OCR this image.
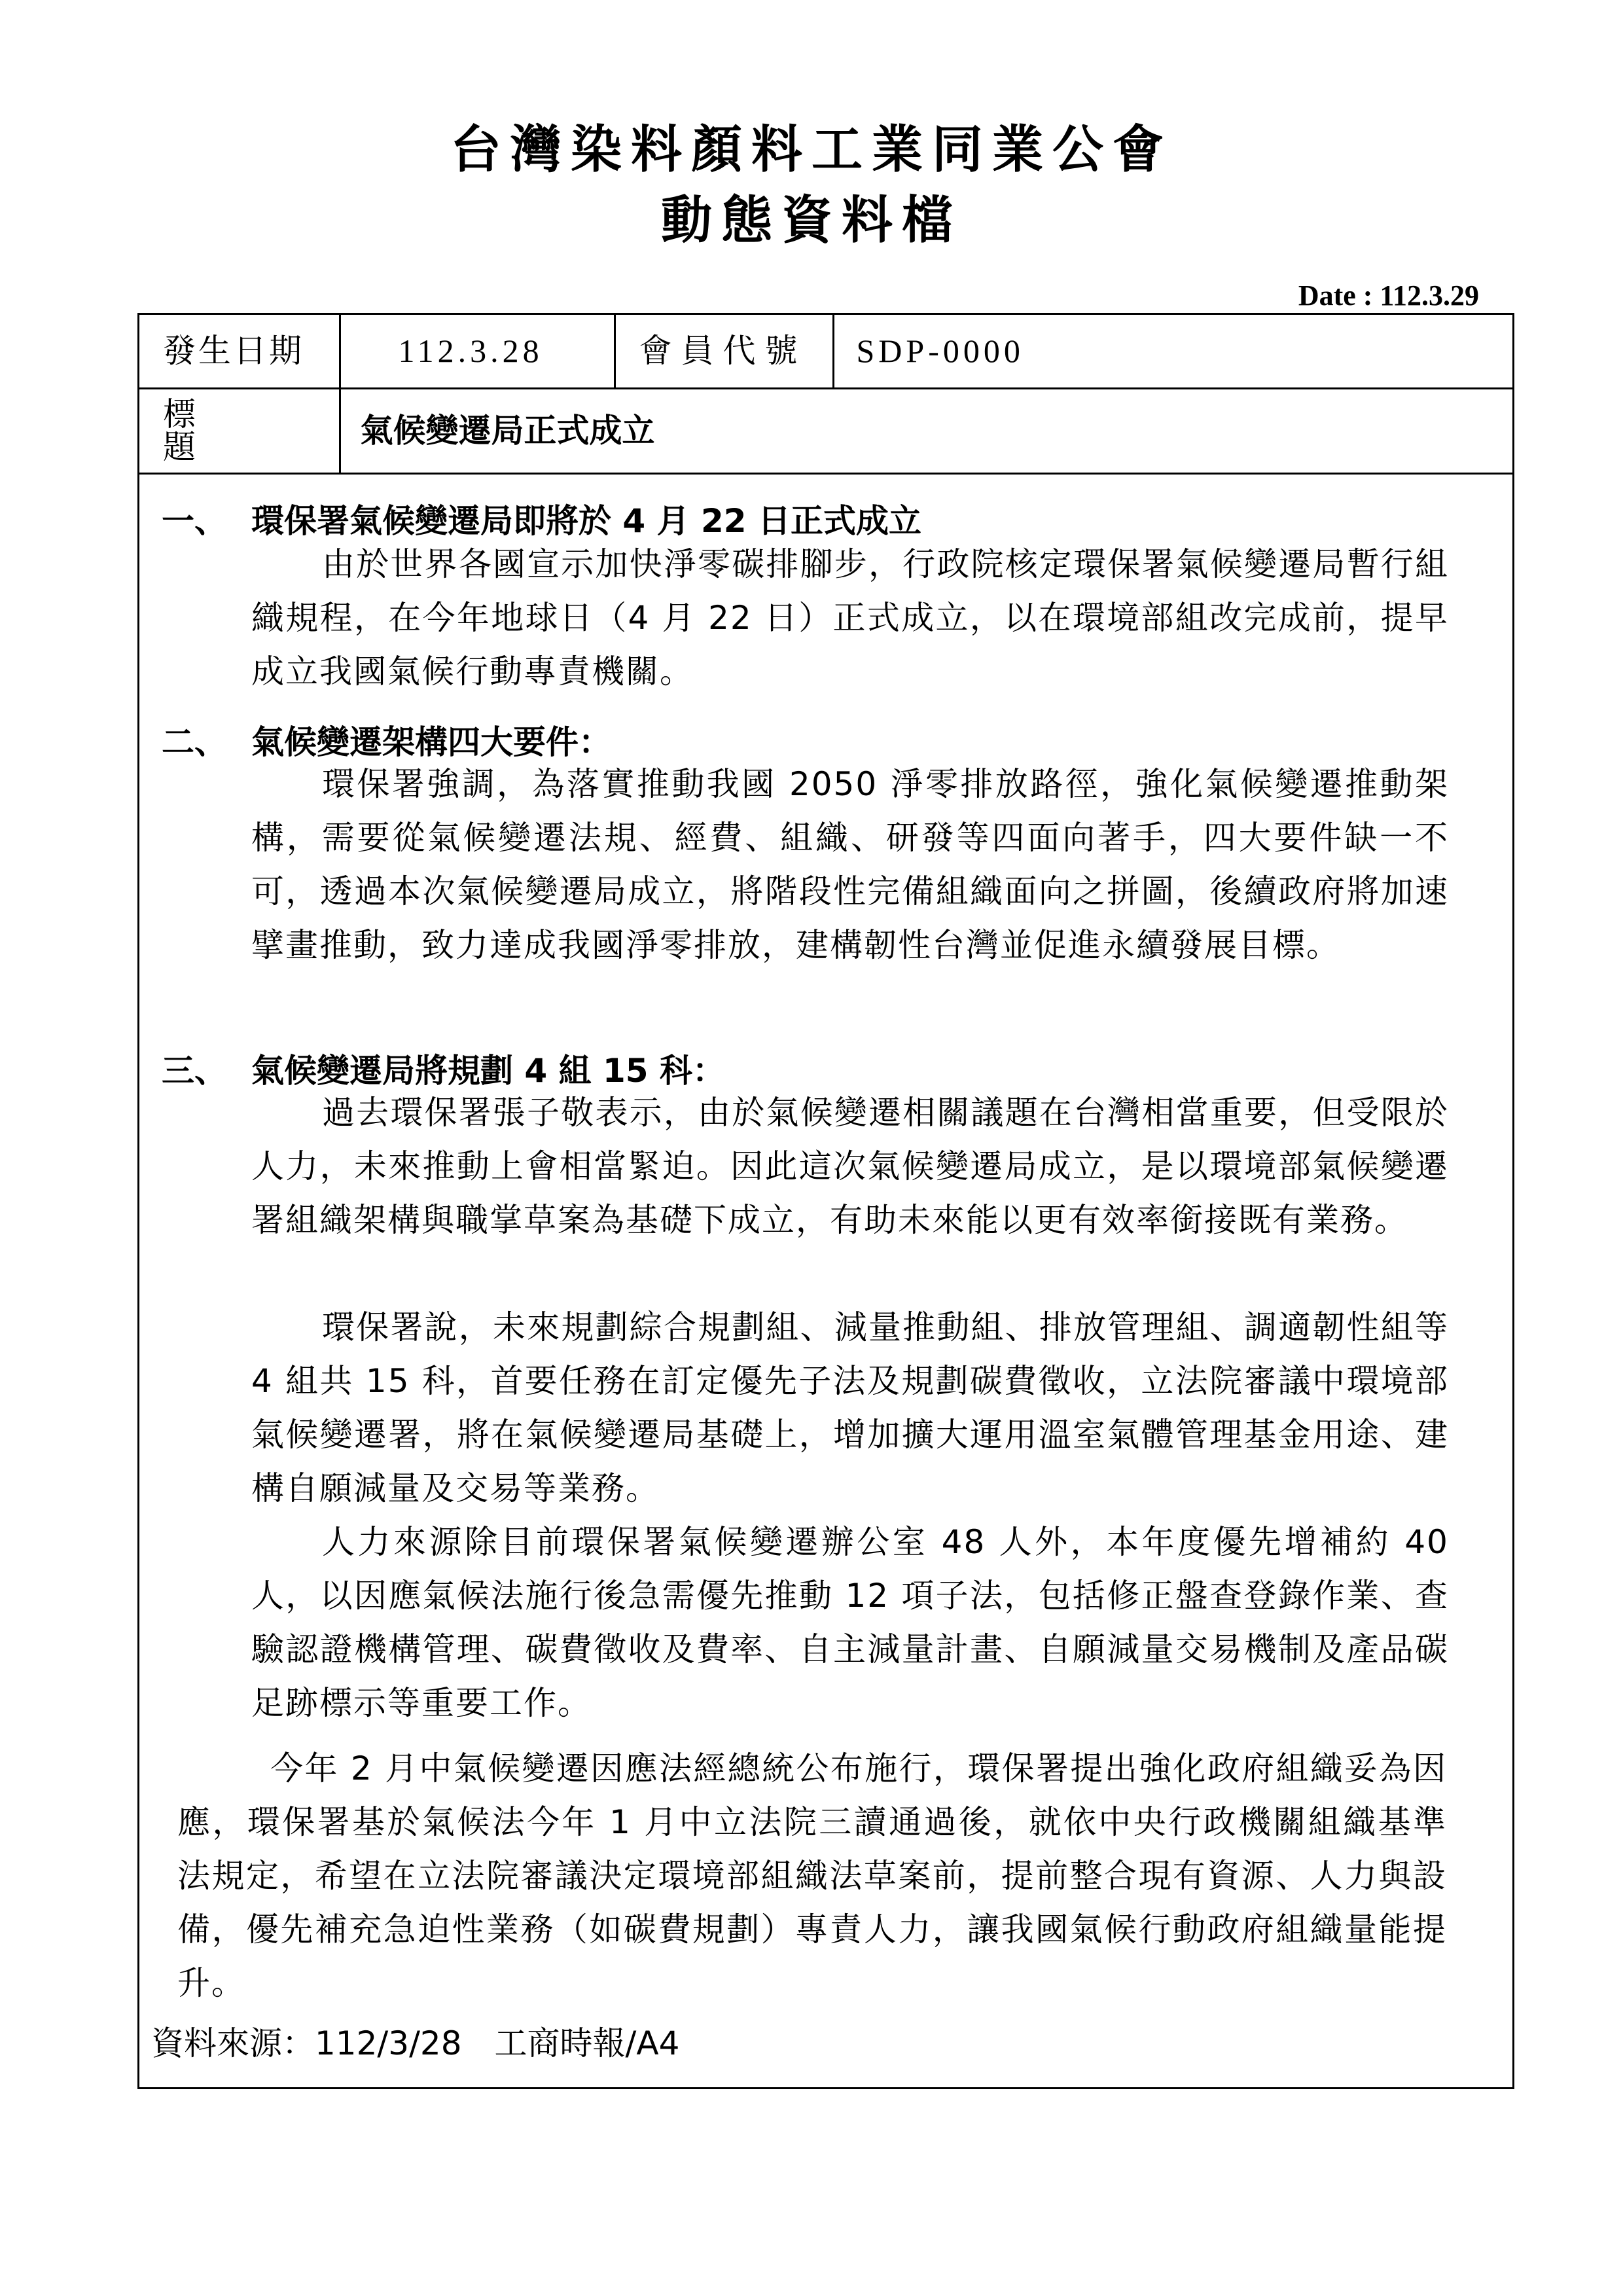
台灣染料顏料工業同業公會
動態資料檔
Date : 112.3.29
發生日期	112.3.28	會員代號	SDP-0000
標題	氣候變遷局正式成立		
一、 環保署氣候變遷局即將於 4 月 22 日正式成立
由於世界各國宣示加快淨零碳排腳步，行政院核定環保署氣候變遷局暫行組織規程，在今年地球日（4 月 22 日）正式成立，以在環境部組改完成前，提早成立我國氣候行動專責機關。
二、 氣候變遷架構四大要件：
環保署強調，為落實推動我國 2050 淨零排放路徑，強化氣候變遷推動架構，需要從氣候變遷法規、經費、組織、研發等四面向著手，四大要件缺一不可，透過本次氣候變遷局成立，將階段性完備組織面向之拼圖，後續政府將加速擘畫推動，致力達成我國淨零排放，建構韌性台灣並促進永續發展目標。
三、 氣候變遷局將規劃 4 組 15 科：
過去環保署張子敬表示，由於氣候變遷相關議題在台灣相當重要，但受限於人力，未來推動上會相當緊迫。因此這次氣候變遷局成立，是以環境部氣候變遷署組織架構與職掌草案為基礎下成立，有助未來能以更有效率銜接既有業務。
環保署說，未來規劃綜合規劃組、減量推動組、排放管理組、調適韌性組等 4 組共 15 科，首要任務在訂定優先子法及規劃碳費徵收，立法院審議中環境部氣候變遷署，將在氣候變遷局基礎上，增加擴大運用溫室氣體管理基金用途、建構自願減量及交易等業務。
人力來源除目前環保署氣候變遷辦公室 48 人外，本年度優先增補約 40 人，以因應氣候法施行後急需優先推動 12 項子法，包括修正盤查登錄作業、查驗認證機構管理、碳費徵收及費率、自主減量計畫、自願減量交易機制及產品碳足跡標示等重要工作。
今年 2 月中氣候變遷因應法經總統公布施行，環保署提出強化政府組織妥為因應，環保署基於氣候法今年 1 月中立法院三讀通過後，就依中央行政機關組織基準法規定，希望在立法院審議決定環境部組織法草案前，提前整合現有資源、人力與設備，優先補充急迫性業務（如碳費規劃）專責人力，讓我國氣候行動政府組織量能提升。
資料來源：112/3/28　工商時報/A4
